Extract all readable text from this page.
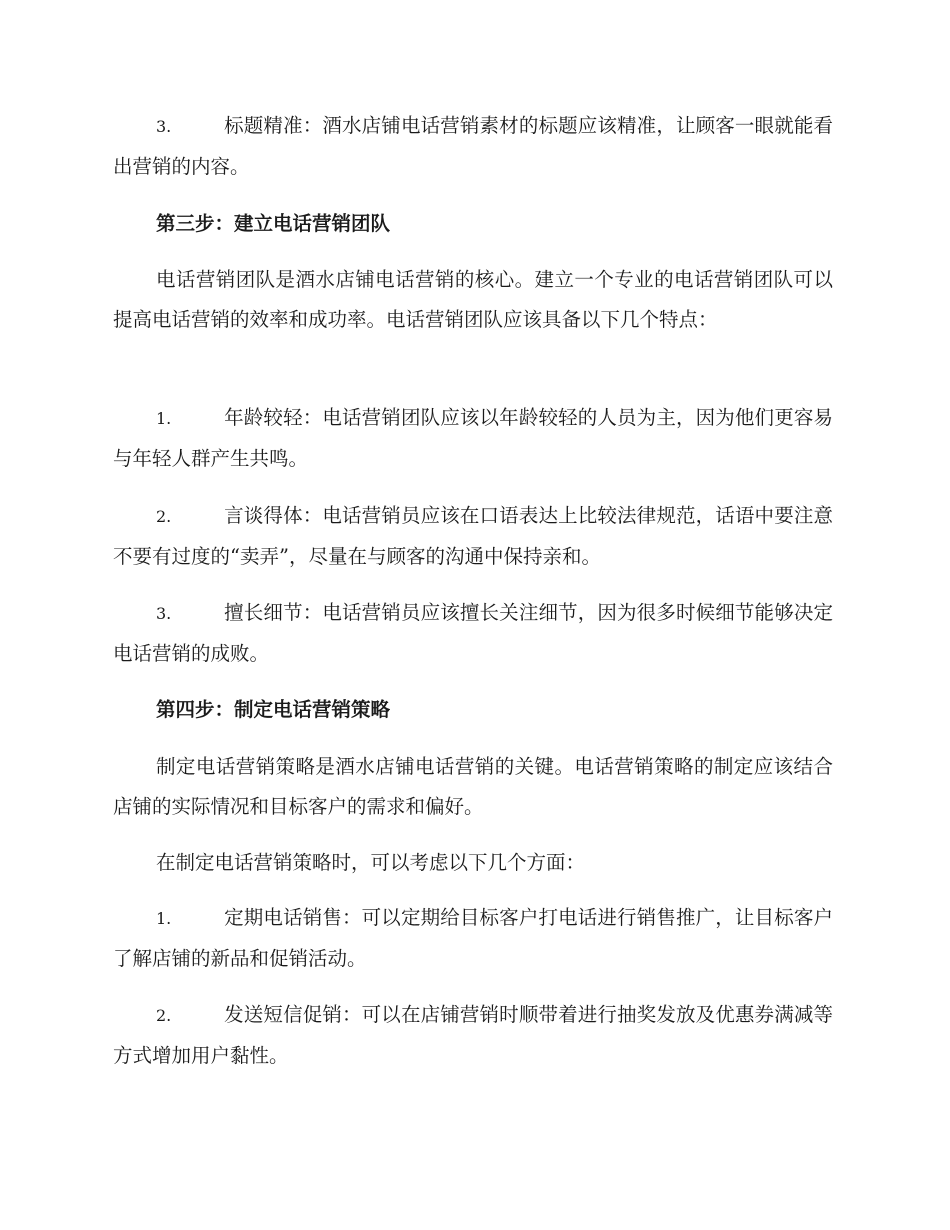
3.	标题精准：酒水店铺电话营销素材的标题应该精准，让顾客一眼就能看出营销的内容。

第三步：建立电话营销团队

电话营销团队是酒水店铺电话营销的核心。建立一个专业的电话营销团队可以提高电话营销的效率和成功率。电话营销团队应该具备以下几个特点：

1.	年龄较轻：电话营销团队应该以年龄较轻的人员为主，因为他们更容易与年轻人群产生共鸣。

2.	言谈得体：电话营销员应该在口语表达上比较法律规范，话语中要注意不要有过度的“卖弄”，尽量在与顾客的沟通中保持亲和。

3.	擅长细节：电话营销员应该擅长关注细节，因为很多时候细节能够决定电话营销的成败。

第四步：制定电话营销策略

制定电话营销策略是酒水店铺电话营销的关键。电话营销策略的制定应该结合店铺的实际情况和目标客户的需求和偏好。

在制定电话营销策略时，可以考虑以下几个方面：

1.	定期电话销售：可以定期给目标客户打电话进行销售推广，让目标客户了解店铺的新品和促销活动。

2.	发送短信促销：可以在店铺营销时顺带着进行抽奖发放及优惠券满减等方式增加用户黏性。
